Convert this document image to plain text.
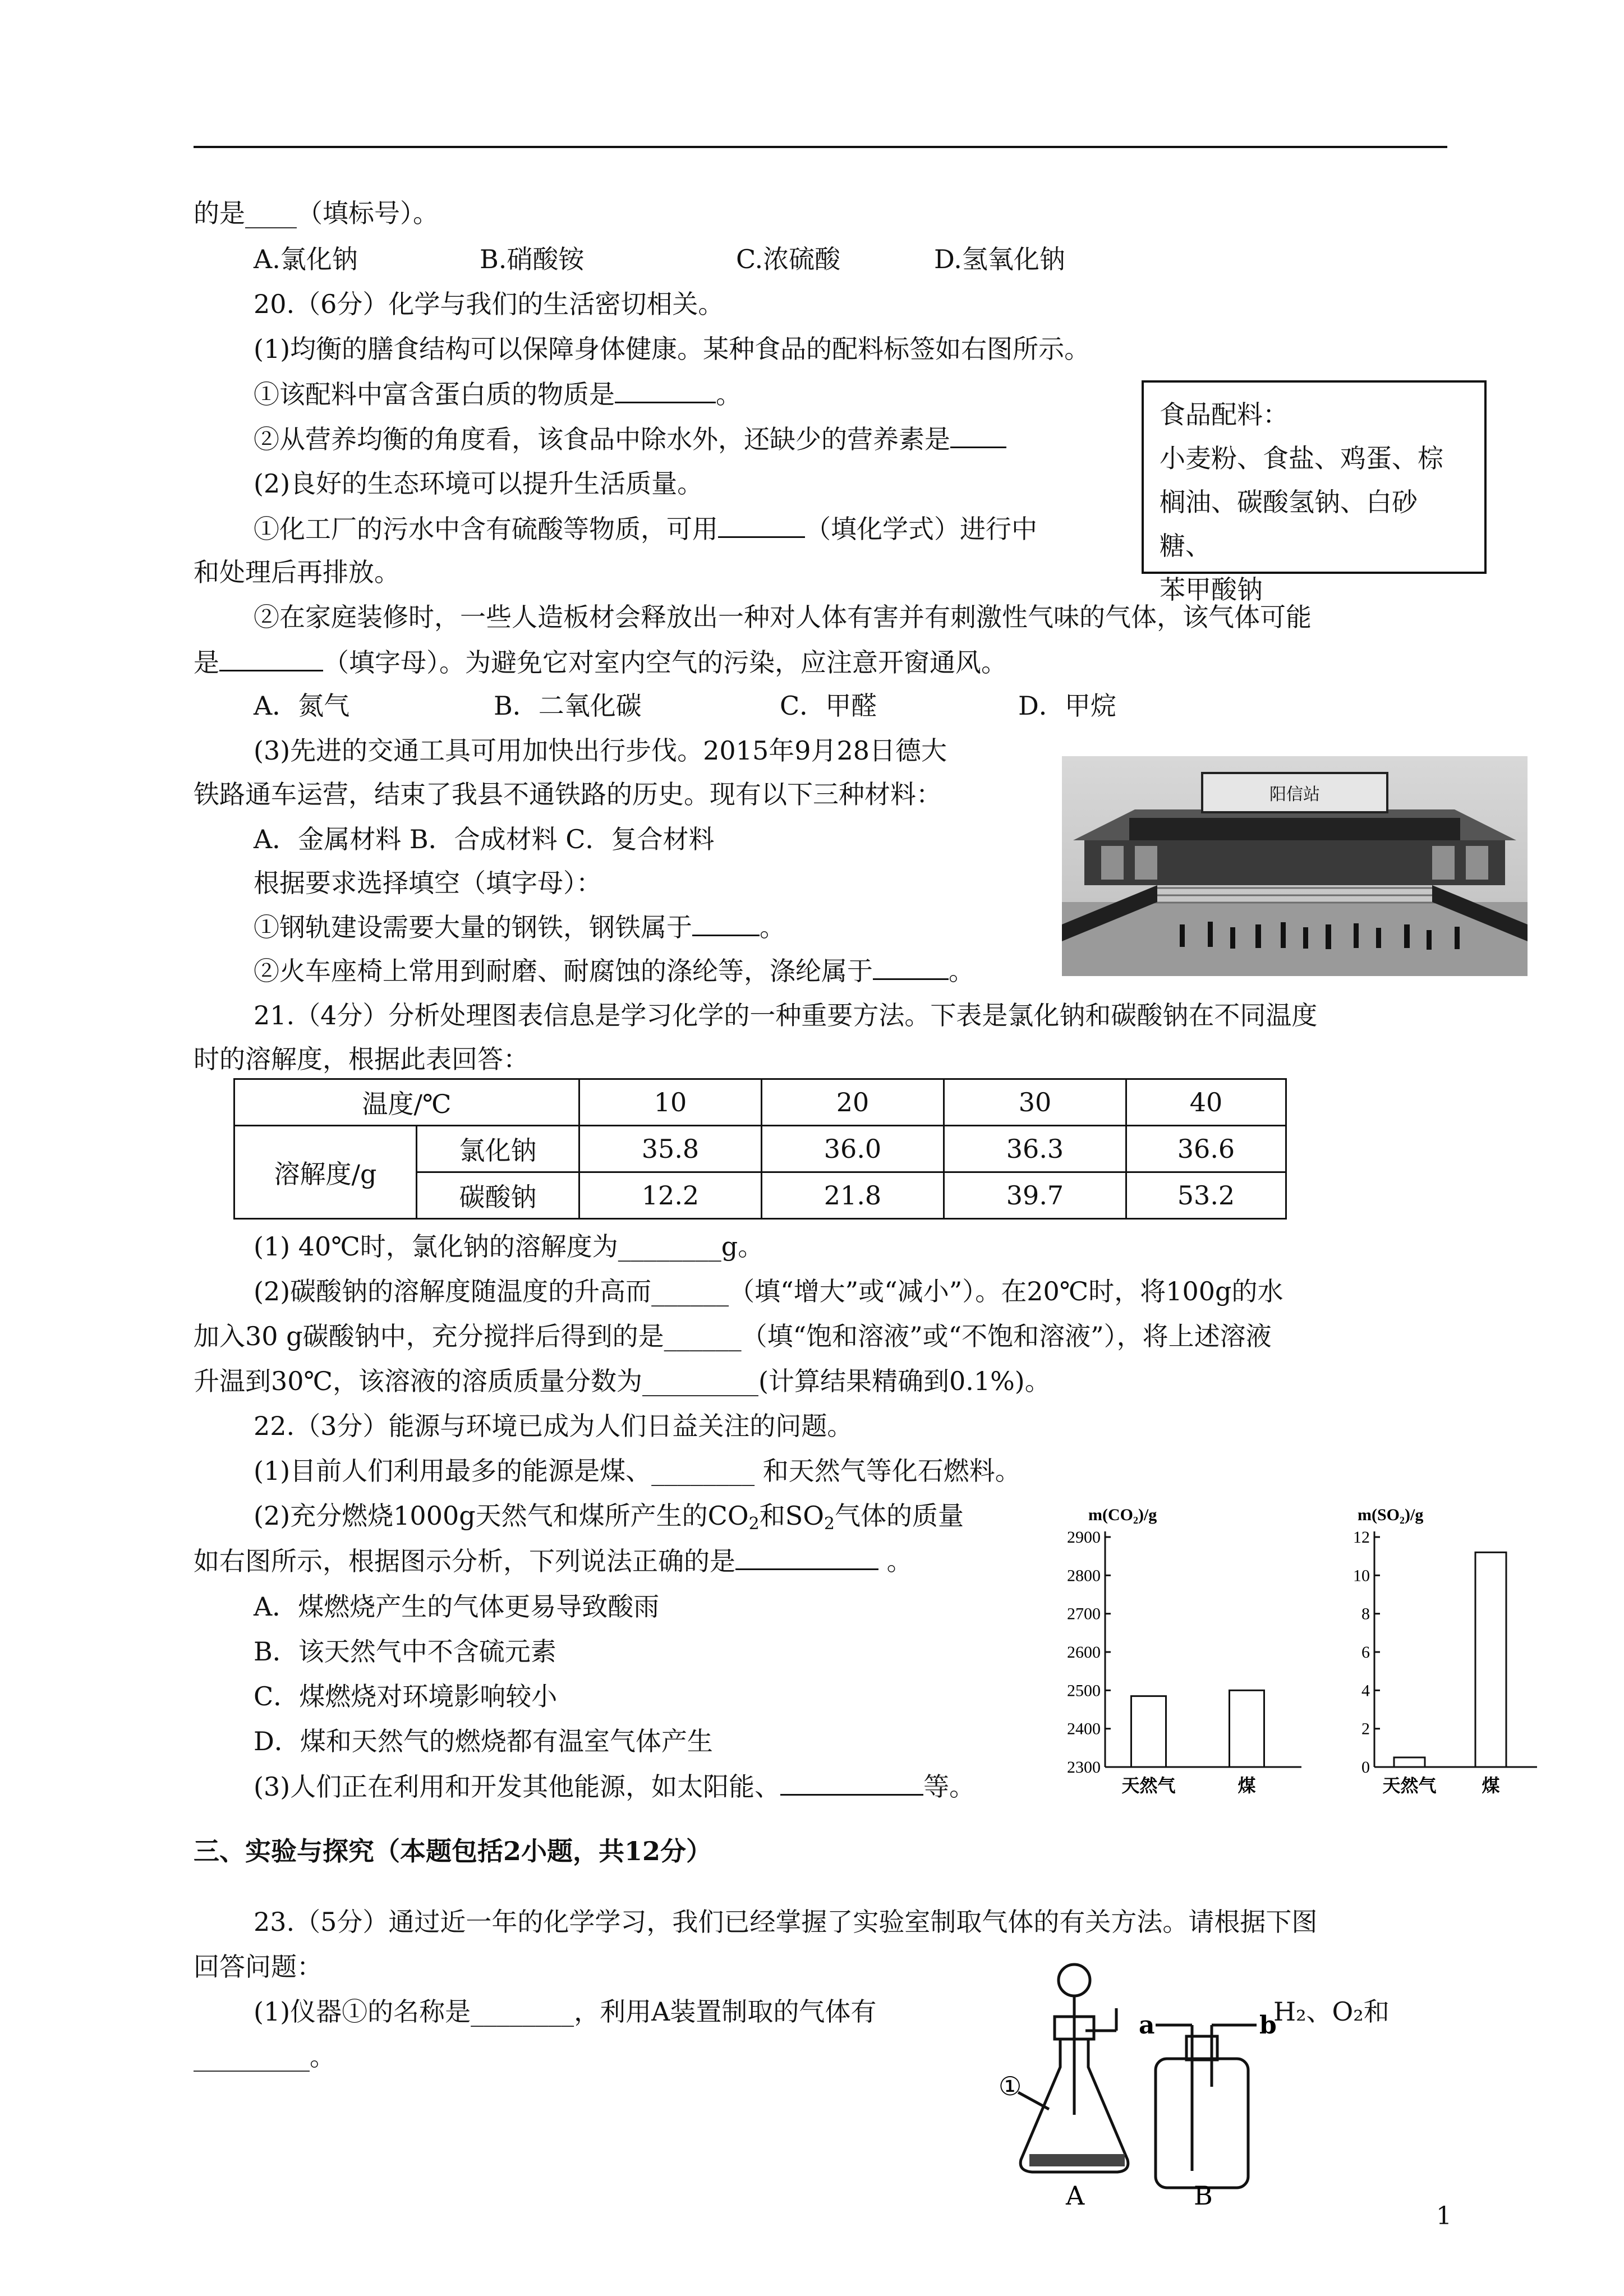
的是____（填标号）。
A.氯化钠	B.硝酸铵	C.浓硫酸	D.氢氧化钠
20.（6分）化学与我们的生活密切相关。
(1)均衡的膳食结构可以保障身体健康。某种食品的配料标签如右图所示。
①该配料中富含蛋白质的物质是	。
②从营养均衡的角度看，该食品中除水外，还缺少的营养素是
(2)良好的生态环境可以提升生活质量。
①化工厂的污水中含有硫酸等物质，可用	（填化学式）进行中
和处理后再排放。
②在家庭装修时，一些人造板材会释放出一种对人体有害并有刺激性气味的气体，该气体可能
是	（填字母）。为避免它对室内空气的污染，应注意开窗通风。
A．氮气	B．二氧化碳	C．甲醛	D．甲烷
(3)先进的交通工具可用加快出行步伐。2015年9月28日德大
铁路通车运营，结束了我县不通铁路的历史。现有以下三种材料：
A．金属材料 B．合成材料 C．复合材料
根据要求选择填空（填字母）：
①钢轨建设需要大量的钢铁，钢铁属于	。
②火车座椅上常用到耐磨、耐腐蚀的涤纶等，涤纶属于	。
食品配料：
小麦粉、食盐、鸡蛋、棕
榈油、碳酸氢钠、白砂糖、
苯甲酸钠
阳信站
21.（4分）分析处理图表信息是学习化学的一种重要方法。下表是氯化钠和碳酸钠在不同温度
时的溶解度，根据此表回答：
温度/℃		10	20	30	40
溶解度/g	氯化钠	35.8	36.0	36.3	36.6
	碳酸钠	12.2	21.8	39.7	53.2
(1) 40℃时，氯化钠的溶解度为________g。
(2)碳酸钠的溶解度随温度的升高而______（填“增大”或“减小”）。在20℃时，将100g的水
加入30 g碳酸钠中，充分搅拌后得到的是______（填“饱和溶液”或“不饱和溶液”），将上述溶液
升温到30℃，该溶液的溶质质量分数为_________(计算结果精确到0.1%)。
22.（3分）能源与环境已成为人们日益关注的问题。
(1)目前人们利用最多的能源是煤、________ 和天然气等化石燃料。
(2)充分燃烧1000g天然气和煤所产生的$CO_2$和$SO_2$气体的质量
如右图所示，根据图示分析，下列说法正确的是	。
A．煤燃烧产生的气体更易导致酸雨
B．该天然气中不含硫元素
C．煤燃烧对环境影响较小
D．煤和天然气的燃烧都有温室气体产生
(3)人们正在利用和开发其他能源，如太阳能、	等。
m(CO₂)/g
2300
2400
2500
2600
2700
2800
2900
天然气	煤
m(SO₂)/g
0
2
4
6
8
10
12
天然气	煤
三、实验与探究（本题包括2小题，共12分）
23.（5分）通过近一年的化学学习，我们已经掌握了实验室制取气体的有关方法。请根据下图
回答问题：
(1)仪器①的名称是________，利用A装置制取的气体有	H₂、O₂和
_________。
①
a	b
A	B
1
